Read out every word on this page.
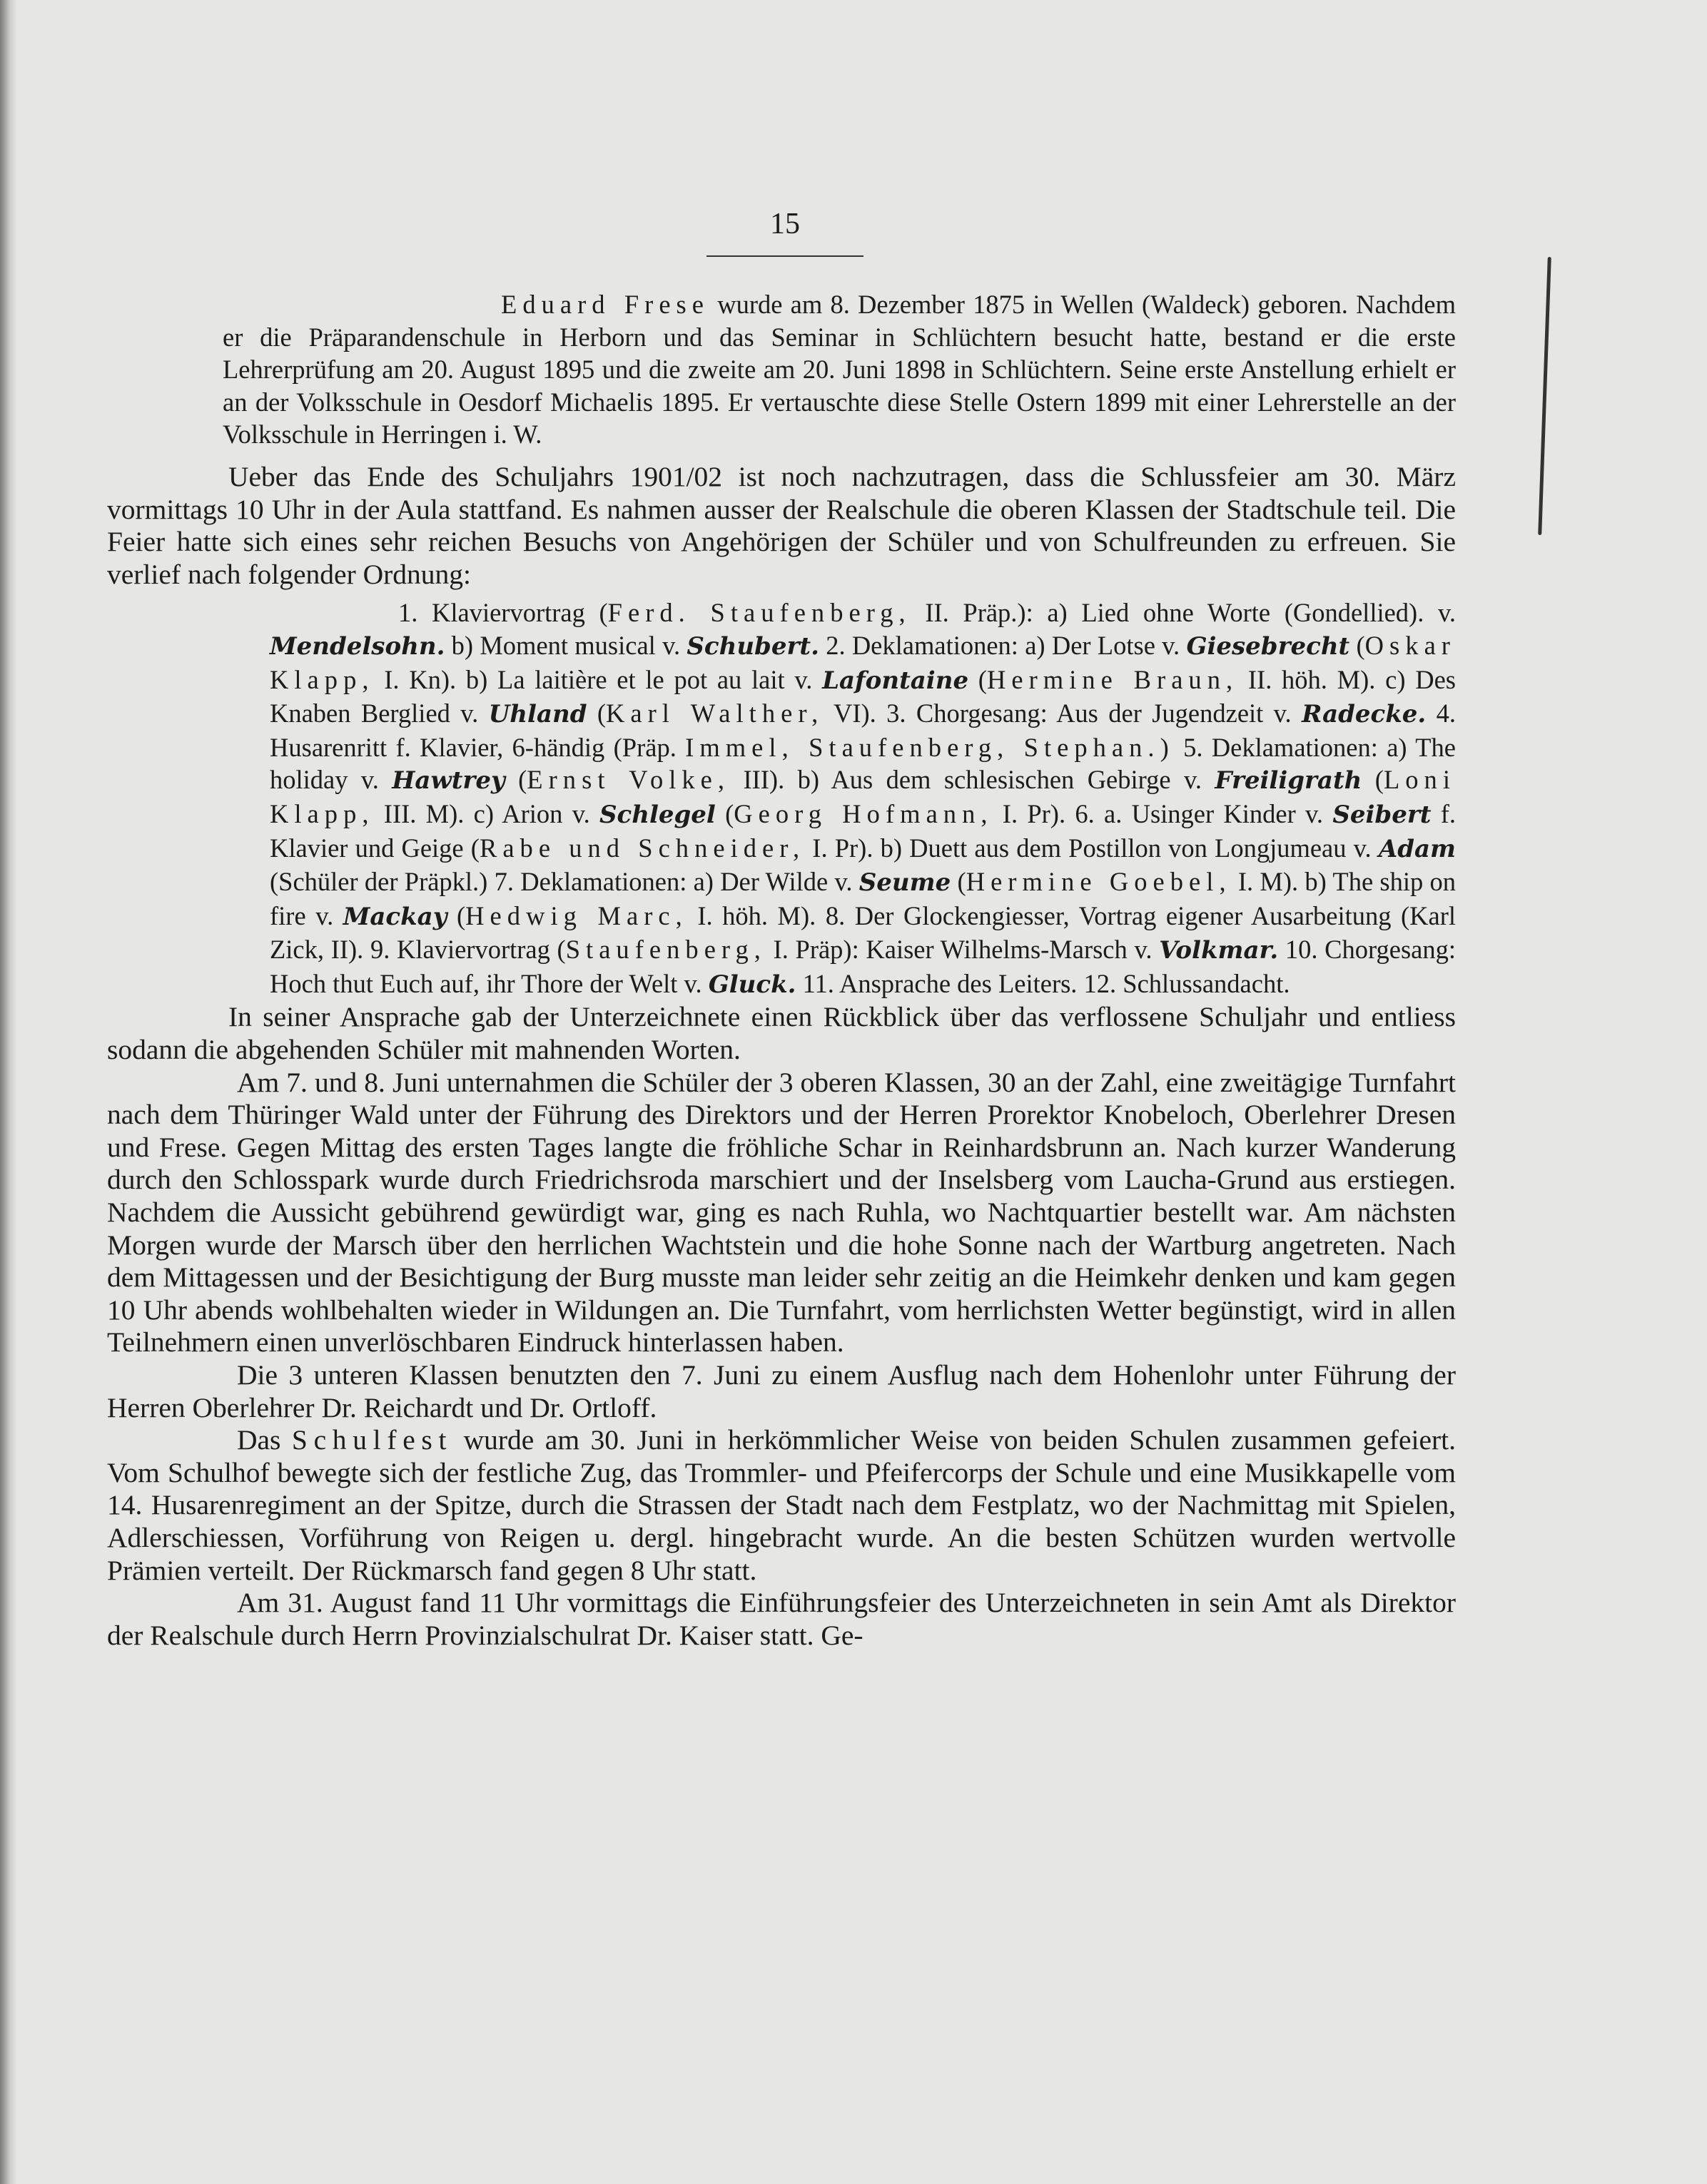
15

Eduard Frese wurde am 8. Dezember 1875 in Wellen (Waldeck) geboren. Nachdem er die Präparandenschule in Herborn und das Seminar in Schlüchtern besucht hatte, bestand er die erste Lehrerprüfung am 20. August 1895 und die zweite am 20. Juni 1898 in Schlüchtern. Seine erste Anstellung erhielt er an der Volksschule in Oesdorf Michaelis 1895. Er vertauschte diese Stelle Ostern 1899 mit einer Lehrerstelle an der Volksschule in Herringen i. W.

Ueber das Ende des Schuljahrs 1901/02 ist noch nachzutragen, dass die Schlussfeier am 30. März vormittags 10 Uhr in der Aula stattfand. Es nahmen ausser der Realschule die oberen Klassen der Stadtschule teil. Die Feier hatte sich eines sehr reichen Besuchs von Angehörigen der Schüler und von Schulfreunden zu erfreuen. Sie verlief nach folgender Ordnung:

1. Klaviervortrag (Ferd. Staufenberg, II. Präp.): a) Lied ohne Worte (Gondellied). v. Mendelsohn. b) Moment musical v. Schubert. 2. Deklamationen: a) Der Lotse v. Giesebrecht (Oskar Klapp, I. Kn). b) La laitière et le pot au lait v. Lafontaine (Hermine Braun, II. höh. M). c) Des Knaben Berglied v. Uhland (Karl Walther, VI). 3. Chorgesang: Aus der Jugendzeit v. Radecke. 4. Husarenritt f. Klavier, 6-händig (Präp. Immel, Staufenberg, Stephan.) 5. Deklamationen: a) The holiday v. Hawtrey (Ernst Volke, III). b) Aus dem schlesischen Gebirge v. Freiligrath (Loni Klapp, III. M). c) Arion v. Schlegel (Georg Hofmann, I. Pr). 6. a. Usinger Kinder v. Seibert f. Klavier und Geige (Rabe und Schneider, I. Pr). b) Duett aus dem Postillon von Longjumeau v. Adam (Schüler der Präpkl.) 7. Deklamationen: a) Der Wilde v. Seume (Hermine Goebel, I. M). b) The ship on fire v. Mackay (Hedwig Marc, I. höh. M). 8. Der Glockengiesser, Vortrag eigener Ausarbeitung (Karl Zick, II). 9. Klaviervortrag (Staufenberg, I. Präp): Kaiser Wilhelms-Marsch v. Volkmar. 10. Chorgesang: Hoch thut Euch auf, ihr Thore der Welt v. Gluck. 11. Ansprache des Leiters. 12. Schlussandacht.

In seiner Ansprache gab der Unterzeichnete einen Rückblick über das verflossene Schuljahr und entliess sodann die abgehenden Schüler mit mahnenden Worten.

Am 7. und 8. Juni unternahmen die Schüler der 3 oberen Klassen, 30 an der Zahl, eine zweitägige Turnfahrt nach dem Thüringer Wald unter der Führung des Direktors und der Herren Prorektor Knobeloch, Oberlehrer Dresen und Frese. Gegen Mittag des ersten Tages langte die fröhliche Schar in Reinhardsbrunn an. Nach kurzer Wanderung durch den Schlosspark wurde durch Friedrichsroda marschiert und der Inselsberg vom Laucha-Grund aus erstiegen. Nachdem die Aussicht gebührend gewürdigt war, ging es nach Ruhla, wo Nachtquartier bestellt war. Am nächsten Morgen wurde der Marsch über den herrlichen Wachtstein und die hohe Sonne nach der Wartburg angetreten. Nach dem Mittagessen und der Besichtigung der Burg musste man leider sehr zeitig an die Heimkehr denken und kam gegen 10 Uhr abends wohlbehalten wieder in Wildungen an. Die Turnfahrt, vom herrlichsten Wetter begünstigt, wird in allen Teilnehmern einen unverlöschbaren Eindruck hinterlassen haben.

Die 3 unteren Klassen benutzten den 7. Juni zu einem Ausflug nach dem Hohenlohr unter Führung der Herren Oberlehrer Dr. Reichardt und Dr. Ortloff.

Das Schulfest wurde am 30. Juni in herkömmlicher Weise von beiden Schulen zusammen gefeiert. Vom Schulhof bewegte sich der festliche Zug, das Trommler- und Pfeifercorps der Schule und eine Musikkapelle vom 14. Husarenregiment an der Spitze, durch die Strassen der Stadt nach dem Festplatz, wo der Nachmittag mit Spielen, Adlerschiessen, Vorführung von Reigen u. dergl. hingebracht wurde. An die besten Schützen wurden wertvolle Prämien verteilt. Der Rückmarsch fand gegen 8 Uhr statt.

Am 31. August fand 11 Uhr vormittags die Einführungsfeier des Unterzeichneten in sein Amt als Direktor der Realschule durch Herrn Provinzialschulrat Dr. Kaiser statt. Ge-
